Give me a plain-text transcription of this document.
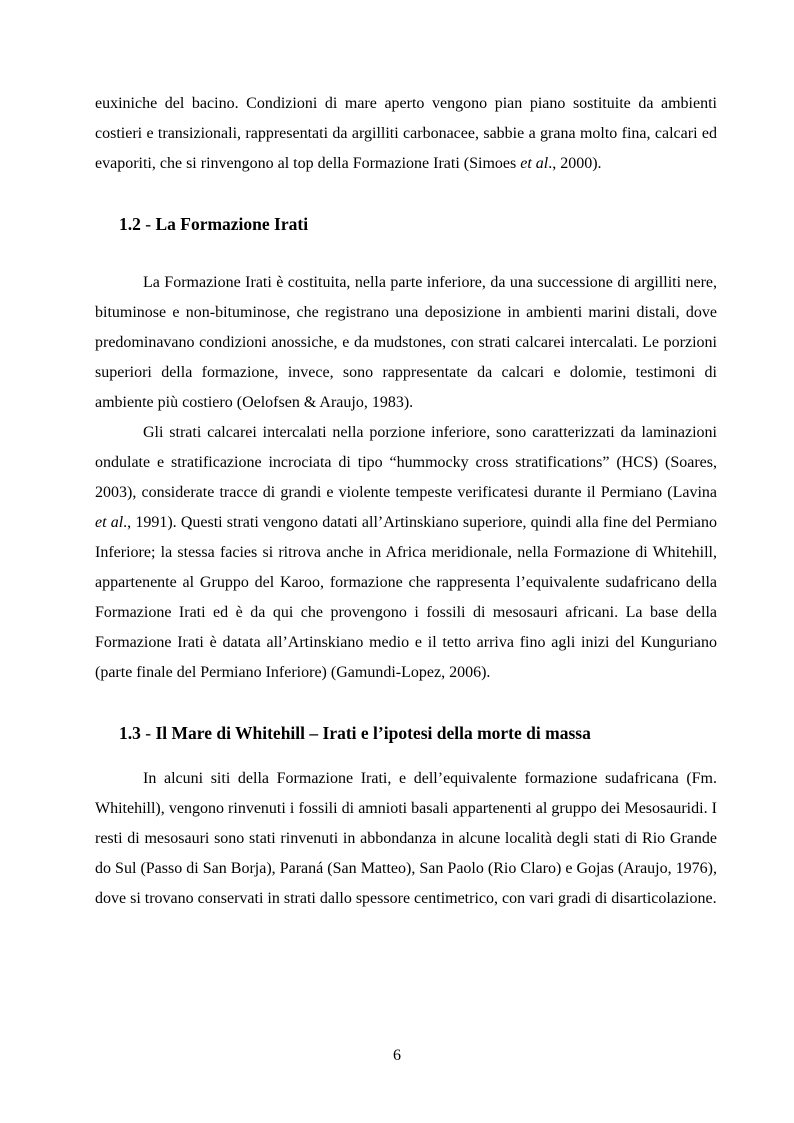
euxiniche del bacino. Condizioni di mare aperto vengono pian piano sostituite da ambienti costieri e transizionali, rappresentati da argilliti carbonacee, sabbie a grana molto fina, calcari ed evaporiti, che si rinvengono al top della Formazione Irati (Simoes et al., 2000).

1.2 - La Formazione Irati

La Formazione Irati è costituita, nella parte inferiore, da una successione di argilliti nere, bituminose e non-bituminose, che registrano una deposizione in ambienti marini distali, dove predominavano condizioni anossiche, e da mudstones, con strati calcarei intercalati. Le porzioni superiori della formazione, invece, sono rappresentate da calcari e dolomie, testimoni di ambiente più costiero (Oelofsen & Araujo, 1983).

Gli strati calcarei intercalati nella porzione inferiore, sono caratterizzati da laminazioni ondulate e stratificazione incrociata di tipo “hummocky cross stratifications” (HCS) (Soares, 2003), considerate tracce di grandi e violente tempeste verificatesi durante il Permiano (Lavina et al., 1991). Questi strati vengono datati all’Artinskiano superiore, quindi alla fine del Permiano Inferiore; la stessa facies si ritrova anche in Africa meridionale, nella Formazione di Whitehill, appartenente al Gruppo del Karoo, formazione che rappresenta l’equivalente sudafricano della Formazione Irati ed è da qui che provengono i fossili di mesosauri africani. La base della Formazione Irati è datata all’Artinskiano medio e il tetto arriva fino agli inizi del Kunguriano (parte finale del Permiano Inferiore) (Gamundi-Lopez, 2006).

1.3 - Il Mare di Whitehill – Irati e l’ipotesi della morte di massa

In alcuni siti della Formazione Irati, e dell’equivalente formazione sudafricana (Fm. Whitehill), vengono rinvenuti i fossili di amnioti basali appartenenti al gruppo dei Mesosauridi. I resti di mesosauri sono stati rinvenuti in abbondanza in alcune località degli stati di Rio Grande do Sul (Passo di San Borja), Paraná (San Matteo), San Paolo (Rio Claro) e Gojas (Araujo, 1976), dove si trovano conservati in strati dallo spessore centimetrico, con vari gradi di disarticolazione.

6
